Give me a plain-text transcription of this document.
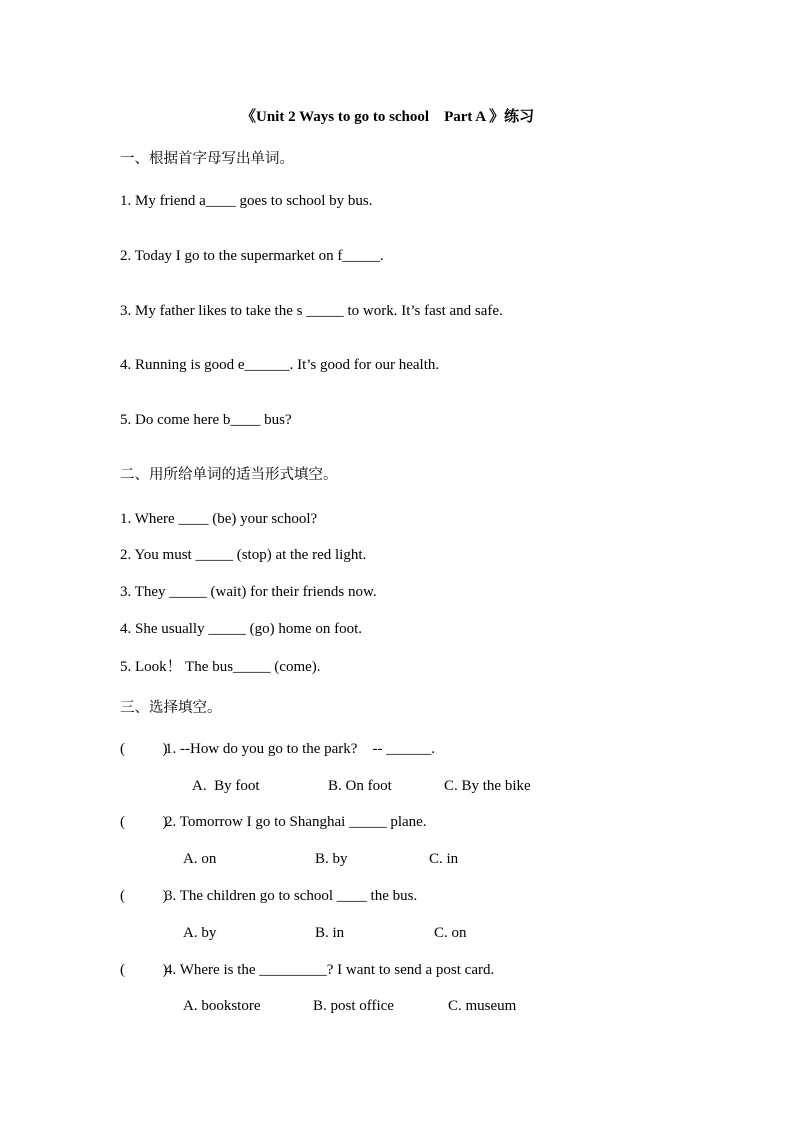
《Unit 2 Ways to go to school    Part A 》练习
一、根据首字母写出单词。
1. My friend a____ goes to school by bus.
2. Today I go to the supermarket on f_____.
3. My father likes to take the s _____ to work. It’s fast and safe.
4. Running is good e______. It’s good for our health.
5. Do come here b____ bus?
二、用所给单词的适当形式填空。
1. Where ____ (be) your school?
2. You must _____ (stop) at the red light.
3. They _____ (wait) for their friends now.
4. She usually _____ (go) home on foot.
5. Look！ The bus_____ (come).
三、选择填空。
(          )
1. --How do you go to the park?    -- ______.
A.  By foot	B. On foot	C. By the bike
(          )
2. Tomorrow I go to Shanghai _____ plane.
A. on	B. by	C. in
(          )
3. The children go to school ____ the bus.
A. by	B. in	C. on
(          )
4. Where is the _________? I want to send a post card.
A. bookstore	B. post office	C. museum
